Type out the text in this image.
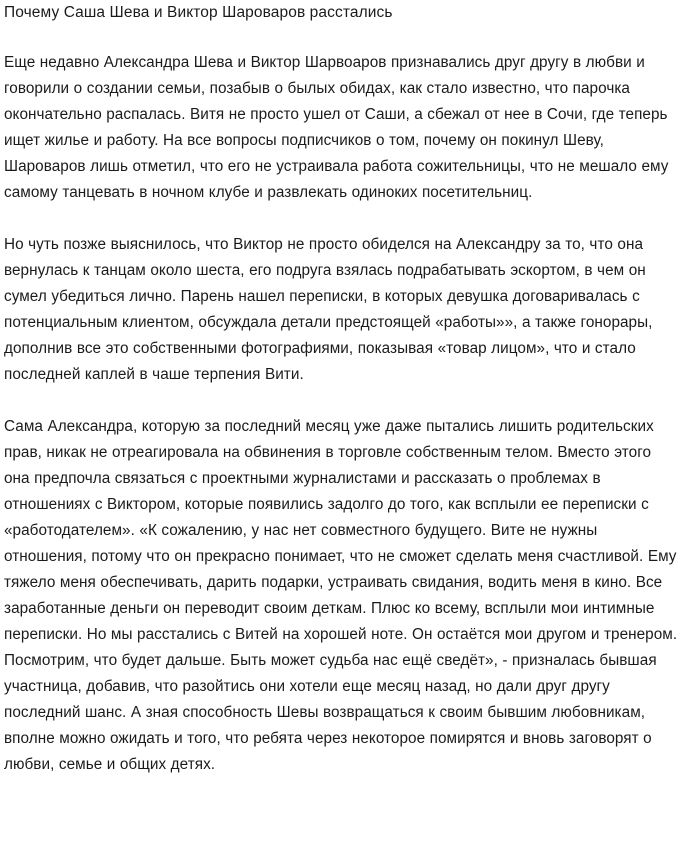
Почему Саша Шева и Виктор Шароваров расстались

Еще недавно Александра Шева и Виктор Шарвоаров признавались друг другу в любви и говорили о создании семьи, позабыв о былых обидах, как стало известно, что парочка окончательно распалась. Витя не просто ушел от Саши, а сбежал от нее в Сочи, где теперь ищет жилье и работу. На все вопросы подписчиков о том, почему он покинул Шеву, Шароваров лишь отметил, что его не устраивала работа сожительницы, что не мешало ему самому танцевать в ночном клубе и развлекать одиноких посетительниц.

Но чуть позже выяснилось, что Виктор не просто обиделся на Александру за то, что она вернулась к танцам около шеста, его подруга взялась подрабатывать эскортом, в чем он сумел убедиться лично. Парень нашел переписки, в которых девушка договаривалась с потенциальным клиентом, обсуждала детали предстоящей «работы»», а также гонорары, дополнив все это собственными фотографиями, показывая «товар лицом», что и стало последней каплей в чаше терпения Вити.

Сама Александра, которую за последний месяц уже даже пытались лишить родительских прав, никак не отреагировала на обвинения в торговле собственным телом. Вместо этого она предпочла связаться с проектными журналистами и рассказать о проблемах в отношениях с Виктором, которые появились задолго до того, как всплыли ее переписки с «работодателем». «К сожалению, у нас нет совместного будущего. Вите не нужны отношения, потому что он прекрасно понимает, что не сможет сделать меня счастливой. Ему тяжело меня обеспечивать, дарить подарки, устраивать свидания, водить меня в кино. Все заработанные деньги он переводит своим деткам. Плюс ко всему, всплыли мои интимные переписки. Но мы расстались с Витей на хорошей ноте. Он остаётся мои другом и тренером. Посмотрим, что будет дальше. Быть может судьба нас ещё сведёт», - призналась бывшая участница, добавив, что разойтись они хотели еще месяц назад, но дали друг другу последний шанс. А зная способность Шевы возвращаться к своим бывшим любовникам, вполне можно ожидать и того, что ребята через некоторое помирятся и вновь заговорят о любви, семье и общих детях.
